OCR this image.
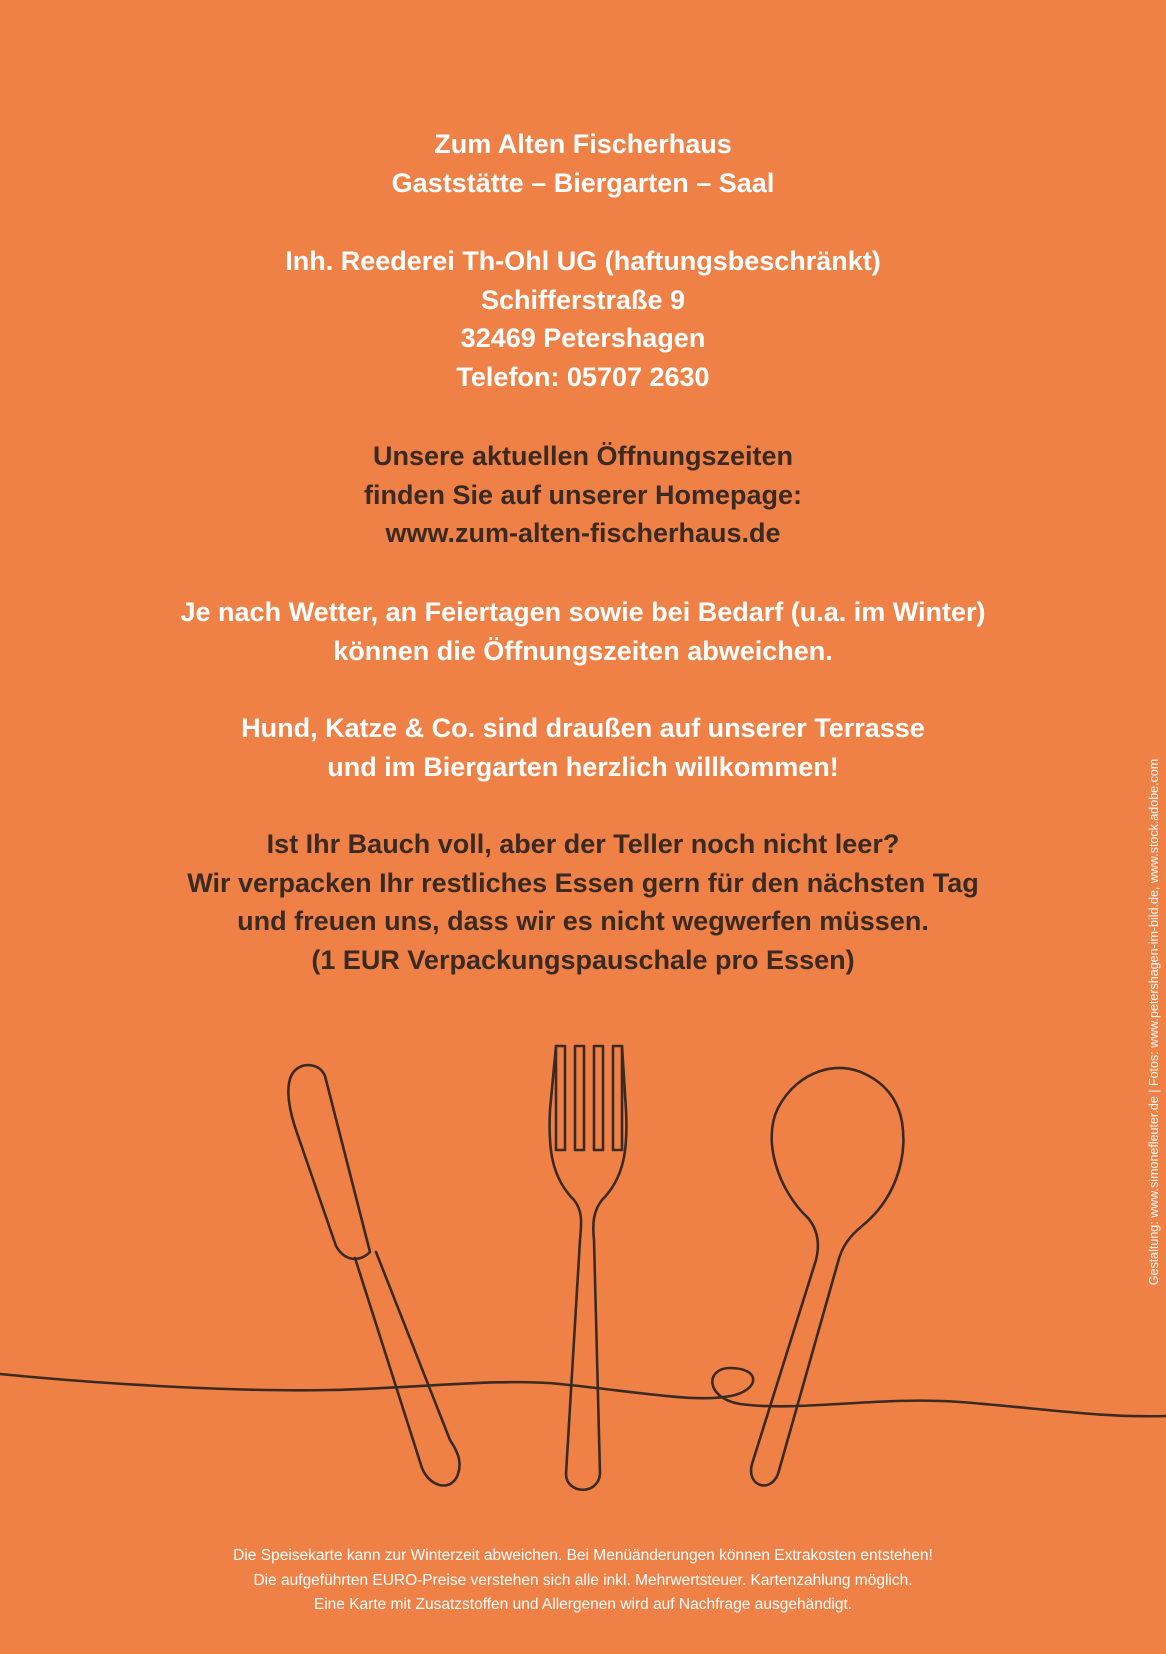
Zum Alten Fischerhaus
Gaststätte – Biergarten – Saal
Inh. Reederei Th-Ohl UG (haftungsbeschränkt)
Schifferstraße 9
32469 Petershagen
Telefon: 05707 2630
Unsere aktuellen Öffnungszeiten
finden Sie auf unserer Homepage:
www.zum-alten-fischerhaus.de
Je nach Wetter, an Feiertagen sowie bei Bedarf (u.a. im Winter)
können die Öffnungszeiten abweichen.
Hund, Katze & Co. sind draußen auf unserer Terrasse
und im Biergarten herzlich willkommen!
Ist Ihr Bauch voll, aber der Teller noch nicht leer?
Wir verpacken Ihr restliches Essen gern für den nächsten Tag
und freuen uns, dass wir es nicht wegwerfen müssen.
(1 EUR Verpackungspauschale pro Essen)
Die Speisekarte kann zur Winterzeit abweichen. Bei Menüänderungen können Extrakosten entstehen!
Die aufgeführten EURO-Preise verstehen sich alle inkl. Mehrwertsteuer. Kartenzahlung möglich.
Eine Karte mit Zusatzstoffen und Allergenen wird auf Nachfrage ausgehändigt.
Gestaltung: www.simonefleuter.de | Fotos: www.petershagen-im-bild.de, www.stock.adobe.com
